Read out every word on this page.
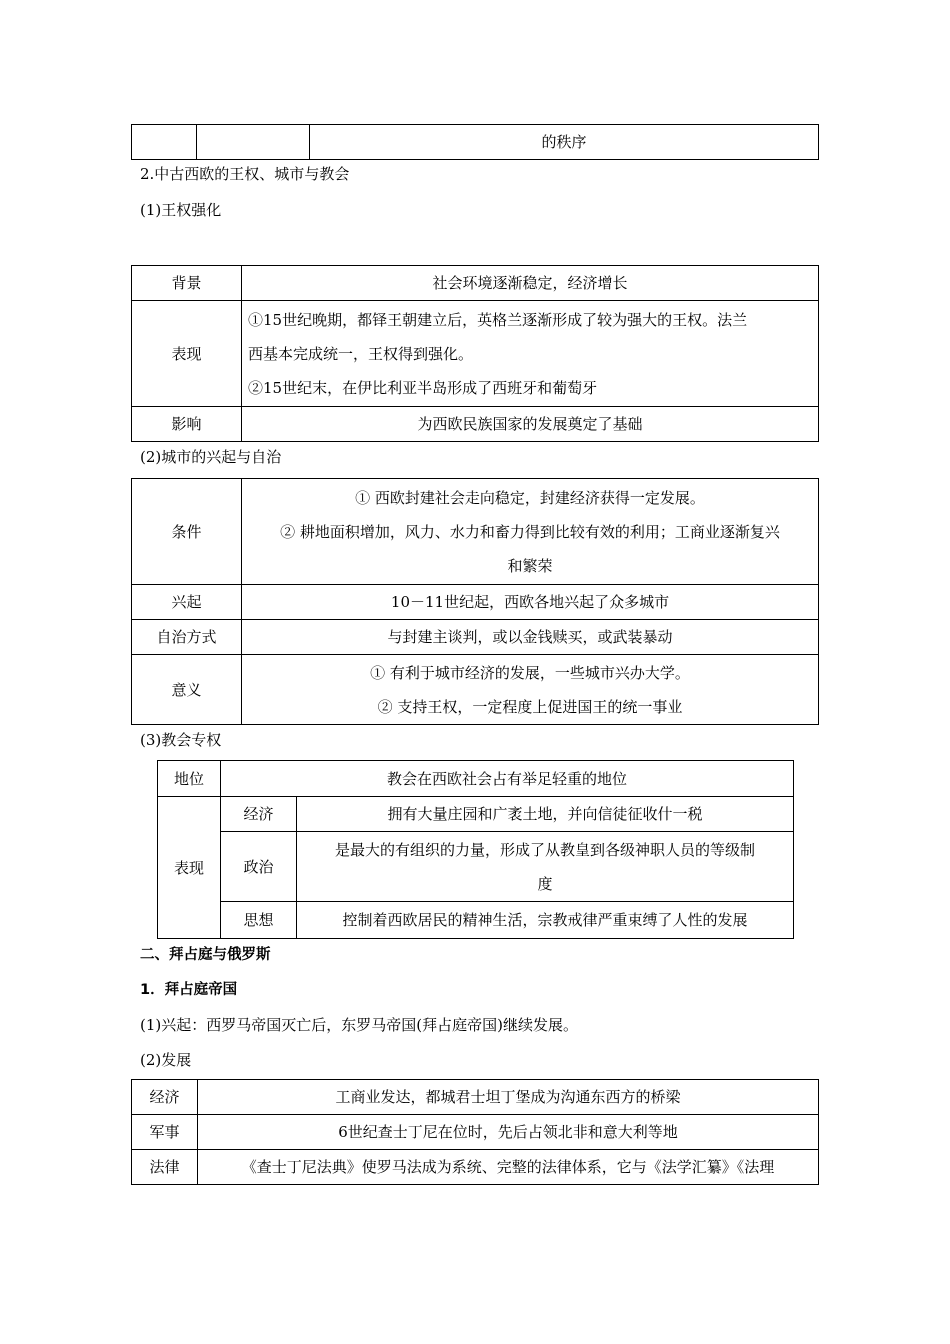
		的秩序
2.中古西欧的王权、城市与教会
(1)王权强化
背景	社会环境逐渐稳定，经济增长
表现	①15世纪晚期，都铎王朝建立后，英格兰逐渐形成了较为强大的王权。法兰
西基本完成统一，王权得到强化。
②15世纪末，在伊比利亚半岛形成了西班牙和葡萄牙

影响	为西欧民族国家的发展奠定了基础
(2)城市的兴起与自治
条件	① 西欧封建社会走向稳定，封建经济获得一定发展。
② 耕地面积增加，风力、水力和畜力得到比较有效的利用；工商业逐渐复兴
和繁荣

兴起	10－11世纪起，西欧各地兴起了众多城市
自治方式	与封建主谈判，或以金钱赎买，或武装暴动
意义	① 有利于城市经济的发展，一些城市兴办大学。
② 支持王权，一定程度上促进国王的统一事业
(3)教会专权
地位	教会在西欧社会占有举足轻重的地位	
表现	经济	拥有大量庄园和广袤土地，并向信徒征收什一税
	政治	是最大的有组织的力量，形成了从教皇到各级神职人员的等级制
度

	思想	控制着西欧居民的精神生活，宗教戒律严重束缚了人性的发展
二、拜占庭与俄罗斯
1．拜占庭帝国
(1)兴起：西罗马帝国灭亡后，东罗马帝国(拜占庭帝国)继续发展。
(2)发展
经济	工商业发达，都城君士坦丁堡成为沟通东西方的桥梁
军事	6世纪查士丁尼在位时，先后占领北非和意大利等地
法律	《查士丁尼法典》使罗马法成为系统、完整的法律体系，它与《法学汇纂》《法理
